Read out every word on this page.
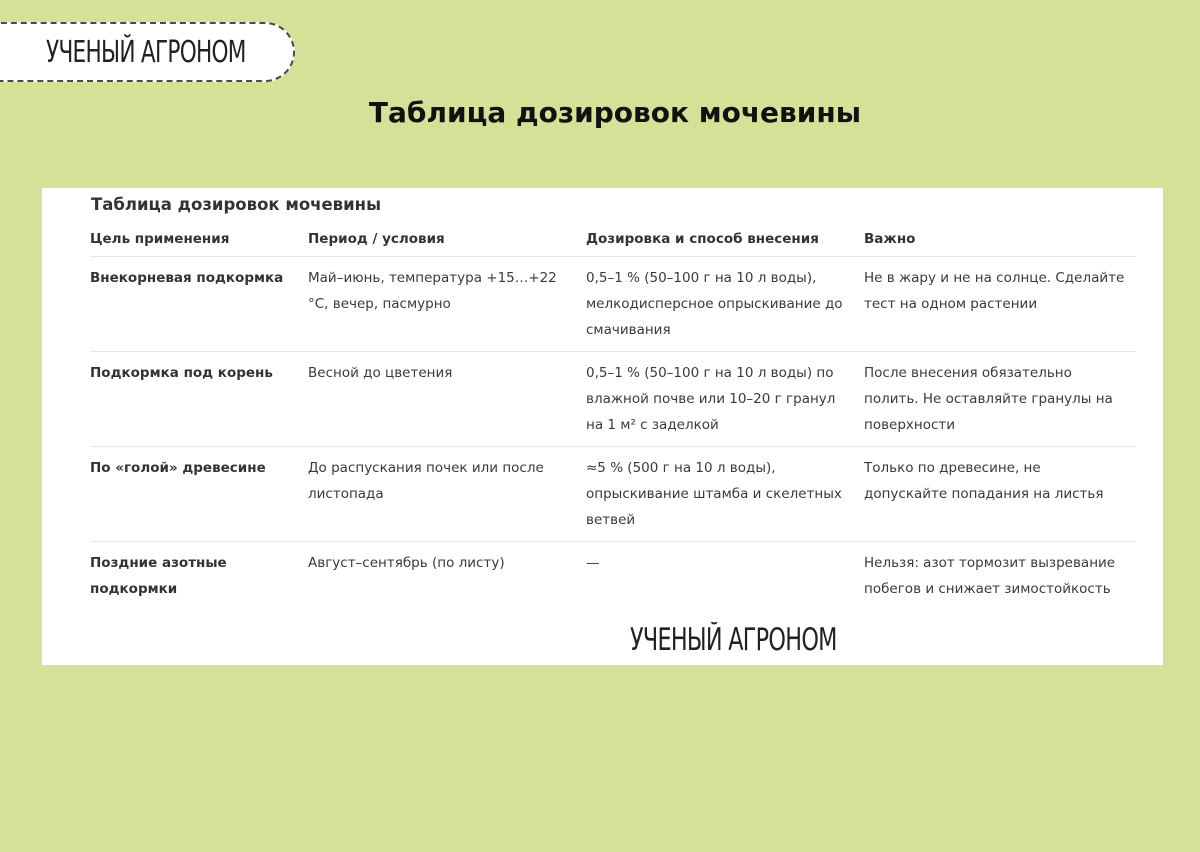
УЧЕНЫЙ АГРОНОМ
Таблица дозировок мочевины
Таблица дозировок мочевины
Цель применения	Период / условия	Дозировка и способ внесения	Важно
Внекорневая подкормка	Май–июнь, температура +15…+22 °C, вечер, пасмурно	0,5–1 % (50–100 г на 10 л воды), мелкодисперсное опрыскивание до смачивания	Не в жару и не на солнце. Сделайте тест на одном растении
Подкормка под корень	Весной до цветения	0,5–1 % (50–100 г на 10 л воды) по влажной почве или 10–20 г гранул на 1 м² с заделкой	После внесения обязательно полить. Не оставляйте гранулы на поверхности
По «голой» древесине	До распускания почек или после листопада	≈5 % (500 г на 10 л воды), опрыскивание штамба и скелетных ветвей	Только по древесине, не допускайте попадания на листья
Поздние азотные подкормки	Август–сентябрь (по листу)	—	Нельзя: азот тормозит вызревание побегов и снижает зимостойкость
УЧЕНЫЙ АГРОНОМ
